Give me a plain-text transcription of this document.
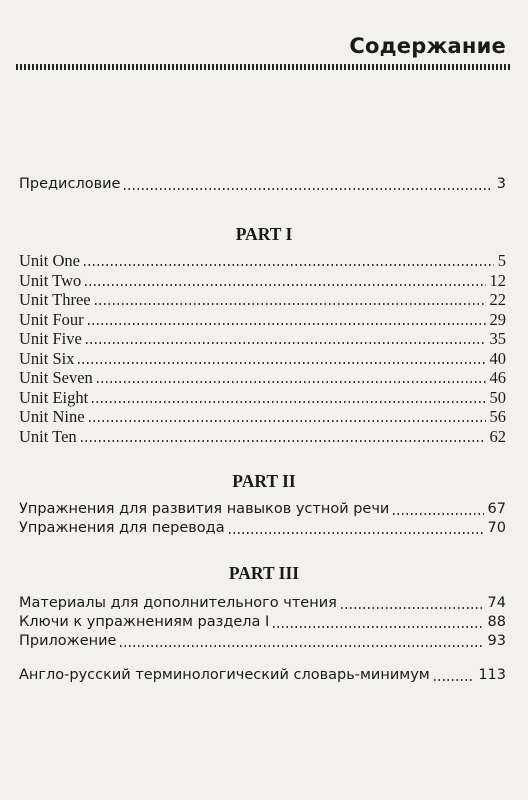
Содержание
Предисловие	3
PART I
Unit One	5
Unit Two	12
Unit Three	22
Unit Four	29
Unit Five	35
Unit Six	40
Unit Seven	46
Unit Eight	50
Unit Nine	56
Unit Ten	62
PART II
Упражнения для развития навыков устной речи	67
Упражнения для перевода	70
PART III
Материалы для дополнительного чтения	74
Ключи к упражнениям раздела I	88
Приложение	93
Англо-русский терминологический словарь-минимум	113
